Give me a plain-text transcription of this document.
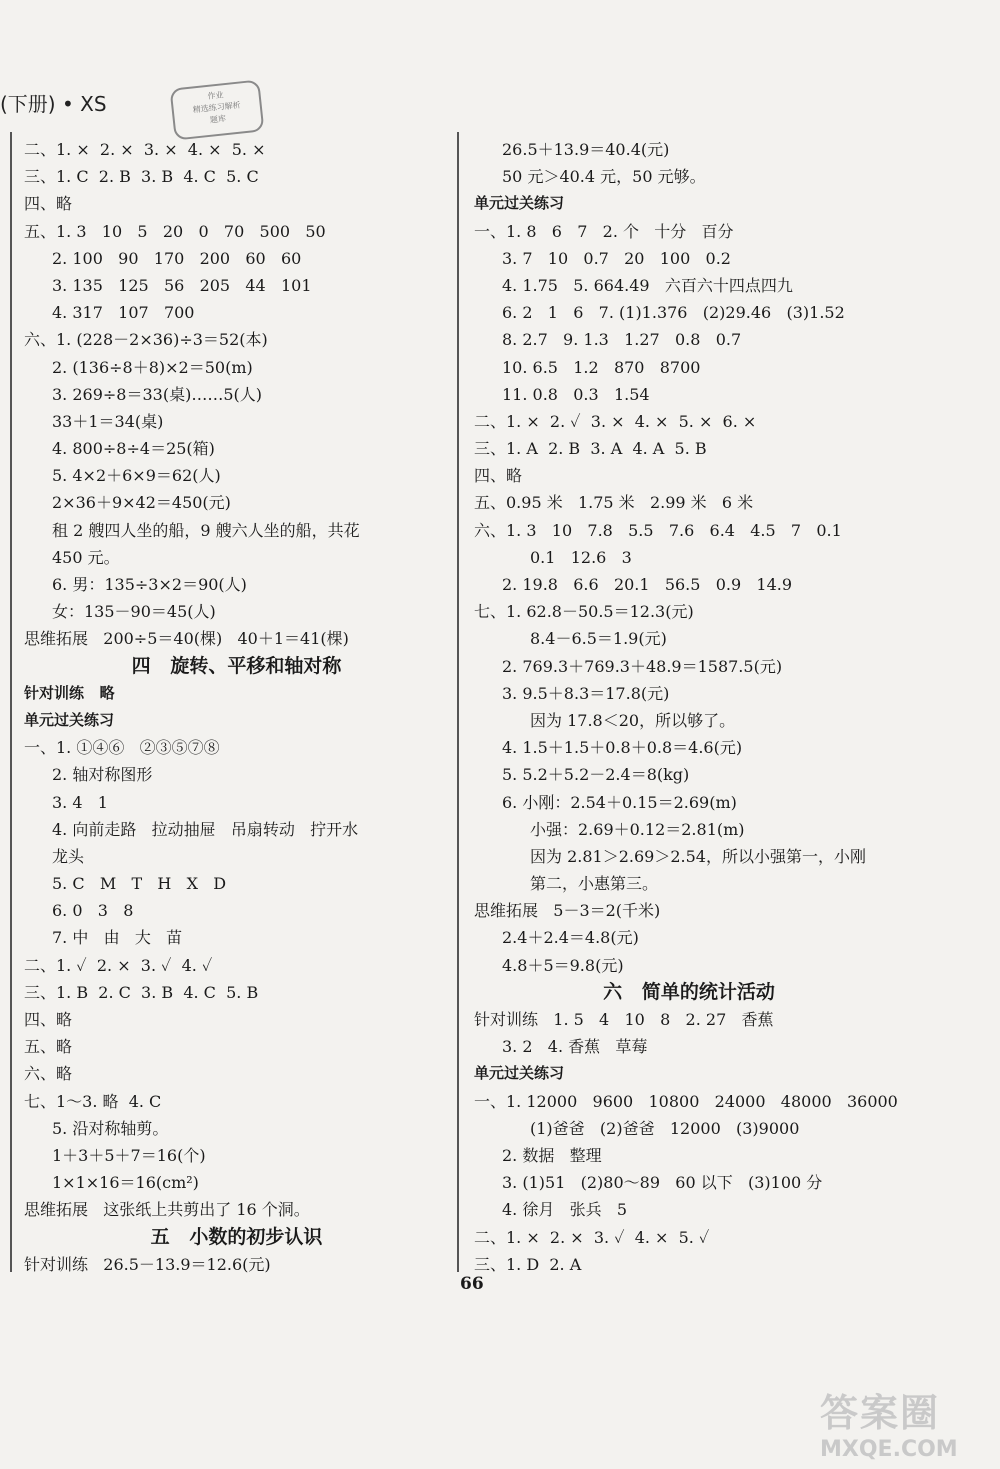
(下册) • XS	作业
精选练习解析
题库
二、1. ×  2. ×  3. ×  4. ×  5. ×
三、1. C  2. B  3. B  4. C  5. C
四、略
五、1. 3   10   5   20   0   70   500   50
2. 100   90   170   200   60   60
3. 135   125   56   205   44   101
4. 317   107   700
六、1. (228－2×36)÷3＝52(本)
2. (136÷8＋8)×2＝50(m)
3. 269÷8＝33(桌)……5(人)
33＋1＝34(桌)
4. 800÷8÷4＝25(箱)
5. 4×2＋6×9＝62(人)
2×36＋9×42＝450(元)
租 2 艘四人坐的船，9 艘六人坐的船，共花
450 元。
6. 男：135÷3×2＝90(人)
女：135－90＝45(人)
思维拓展   200÷5＝40(棵)   40＋1＝41(棵)
四   旋转、平移和轴对称
针对训练   略
单元过关练习
一、1. ①④⑥   ②③⑤⑦⑧
2. 轴对称图形
3. 4   1
4. 向前走路   拉动抽屉   吊扇转动   拧开水
龙头
5. C   M   T   H   X   D
6. 0   3   8
7. 中   由   大   苗
二、1. ✓  2. ×  3. ✓  4. ✓
三、1. B  2. C  3. B  4. C  5. B
四、略
五、略
六、略
七、1～3. 略  4. C
5. 沿对称轴剪。
1＋3＋5＋7＝16(个)
1×1×16＝16(cm²)
思维拓展   这张纸上共剪出了 16 个洞。
五   小数的初步认识
针对训练   26.5－13.9＝12.6(元)
26.5＋13.9＝40.4(元)
50 元＞40.4 元，50 元够。
单元过关练习
一、1. 8   6   7   2. 个   十分   百分
3. 7   10   0.7   20   100   0.2
4. 1.75   5. 664.49   六百六十四点四九
6. 2   1   6   7. (1)1.376   (2)29.46   (3)1.52
8. 2.7   9. 1.3   1.27   0.8   0.7
10. 6.5   1.2   870   8700
11. 0.8   0.3   1.54
二、1. ×  2. ✓  3. ×  4. ×  5. ×  6. ×
三、1. A  2. B  3. A  4. A  5. B
四、略
五、0.95 米   1.75 米   2.99 米   6 米
六、1. 3   10   7.8   5.5   7.6   6.4   4.5   7   0.1
0.1   12.6   3
2. 19.8   6.6   20.1   56.5   0.9   14.9
七、1. 62.8－50.5＝12.3(元)
8.4－6.5＝1.9(元)
2. 769.3＋769.3＋48.9＝1587.5(元)
3. 9.5＋8.3＝17.8(元)
因为 17.8＜20，所以够了。
4. 1.5＋1.5＋0.8＋0.8＝4.6(元)
5. 5.2＋5.2－2.4＝8(kg)
6. 小刚：2.54＋0.15＝2.69(m)
小强：2.69＋0.12＝2.81(m)
因为 2.81＞2.69＞2.54，所以小强第一，小刚
第二，小惠第三。
思维拓展   5－3＝2(千米)
2.4＋2.4＝4.8(元)
4.8＋5＝9.8(元)
六   简单的统计活动
针对训练   1. 5   4   10   8   2. 27   香蕉
3. 2   4. 香蕉   草莓
单元过关练习
一、1. 12000   9600   10800   24000   48000   36000
(1)爸爸   (2)爸爸   12000   (3)9000
2. 数据   整理
3. (1)51   (2)80～89   60 以下   (3)100 分
4. 徐月   张兵   5
二、1. ×  2. ×  3. ✓  4. ×  5. ✓
三、1. D  2. A
66
答案圈
MXQE.COM
